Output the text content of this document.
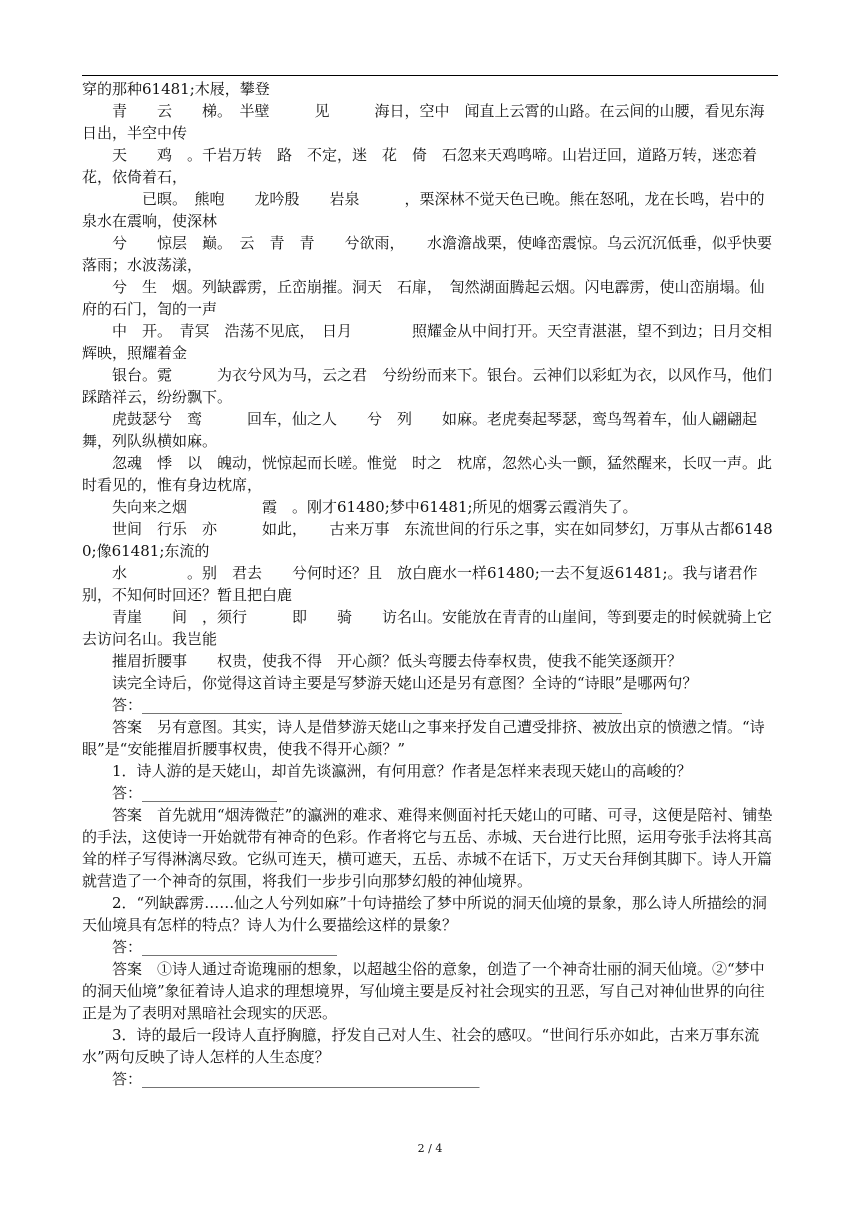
穿的那种61481;木屐，攀登

青　　云　　梯。　半壁　　　见　　　海日，空中　闻直上云霄的山路。在云间的山腰，看见东海日出，半空中传

天　　鸡　。千岩万转　路　不定，迷　花　倚　石忽来天鸡鸣啼。山岩迂回，道路万转，迷恋着花，依倚着石，

　　已暝。　熊咆　　龙吟殷　　岩泉　　　，栗深林不觉天色已晚。熊在怒吼，龙在长鸣，岩中的泉水在震响，使深林

兮　　惊层　巅。　云　青　青　　兮欲雨，　　水澹澹战栗，使峰峦震惊。乌云沉沉低垂，似乎快要落雨；水波荡漾，

兮　生　烟。列缺霹雳，丘峦崩摧。洞天　石扉，　訇然湖面腾起云烟。闪电霹雳，使山峦崩塌。仙府的石门，訇的一声

中　开。　青冥　浩荡不见底，　日月　　　　照耀金从中间打开。天空青湛湛，望不到边；日月交相辉映，照耀着金

银台。霓　　　为衣兮风为马，云之君　兮纷纷而来下。银台。云神们以彩虹为衣，以风作马，他们踩踏祥云，纷纷飘下。

虎鼓瑟兮　鸾　　　回车，仙之人　　兮　列　　如麻。老虎奏起琴瑟，鸾鸟驾着车，仙人翩翩起舞，列队纵横如麻。

忽魂　悸　以　魄动，恍惊起而长嗟。惟觉　时之　枕席，忽然心头一颤，猛然醒来，长叹一声。此时看见的，惟有身边枕席，

失向来之烟　　　　　霞　。刚才61480;梦中61481;所见的烟雾云霞消失了。

世间　行乐　亦　　　如此，　　古来万事　东流世间的行乐之事，实在如同梦幻，万事从古都61480;像61481;东流的

水　　　　。别　君去　　兮何时还？且　放白鹿水一样61480;一去不复返61481;。我与诸君作别，不知何时回还？暂且把白鹿

青崖　　间　，须行　　　即　　骑　　访名山。安能放在青青的山崖间，等到要走的时候就骑上它去访问名山。我岂能

摧眉折腰事　　权贵，使我不得　开心颜？低头弯腰去侍奉权贵，使我不能笑逐颜开？

读完全诗后，你觉得这首诗主要是写梦游天姥山还是另有意图？全诗的“诗眼”是哪两句？

答：________________________________________________________________

答案　另有意图。其实，诗人是借梦游天姥山之事来抒发自己遭受排挤、被放出京的愤懑之情。“诗眼”是“安能摧眉折腰事权贵，使我不得开心颜？”

1．诗人游的是天姥山，却首先谈瀛洲，有何用意？作者是怎样来表现天姥山的高峻的？

答：__________________

答案　首先就用“烟涛微茫”的瀛洲的难求、难得来侧面衬托天姥山的可睹、可寻，这便是陪衬、铺垫的手法，这使诗一开始就带有神奇的色彩。作者将它与五岳、赤城、天台进行比照，运用夸张手法将其高耸的样子写得淋漓尽致。它纵可连天，横可遮天，五岳、赤城不在话下，万丈天台拜倒其脚下。诗人开篇就营造了一个神奇的氛围，将我们一步步引向那梦幻般的神仙境界。

2．“列缺霹雳……仙之人兮列如麻”十句诗描绘了梦中所说的洞天仙境的景象，那么诗人所描绘的洞天仙境具有怎样的特点？诗人为什么要描绘这样的景象？

答：__________________________

答案　①诗人通过奇诡瑰丽的想象，以超越尘俗的意象，创造了一个神奇壮丽的洞天仙境。②“梦中的洞天仙境”象征着诗人追求的理想境界，写仙境主要是反衬社会现实的丑恶，写自己对神仙世界的向往正是为了表明对黑暗社会现实的厌恶。

3．诗的最后一段诗人直抒胸臆，抒发自己对人生、社会的感叹。“世间行乐亦如此，古来万事东流水”两句反映了诗人怎样的人生态度？

答：_____________________________________________

2 / 4
